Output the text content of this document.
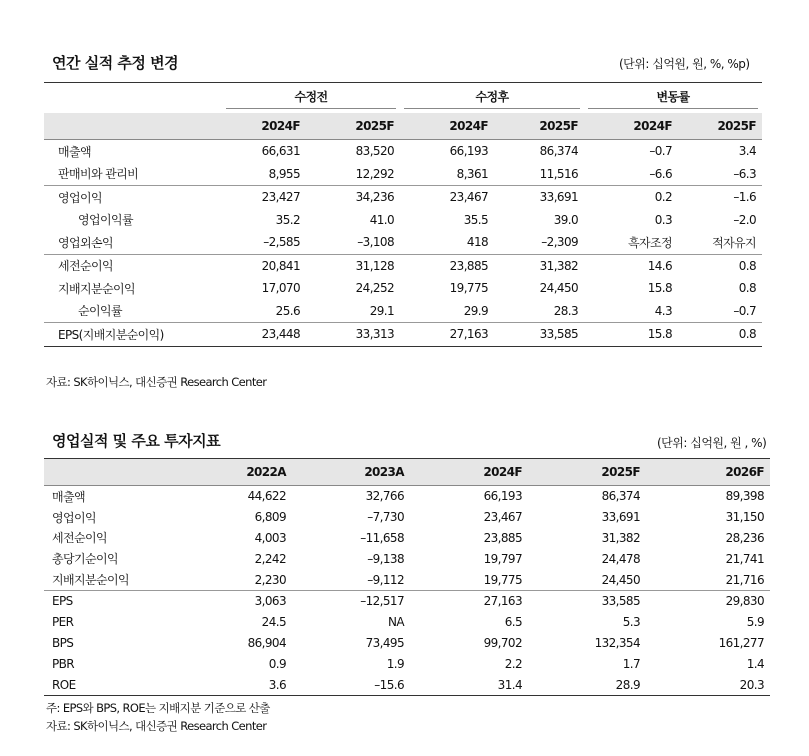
연간 실적 추정 변경	(단위: 십억원, 원, %, %p)

	수정전		수정후		변동률	

	2024F	2025F	2024F	2025F	2024F	2025F
매출액	66,631	83,520	66,193	86,374	–0.7	3.4
판매비와 관리비	8,955	12,292	8,361	11,516	–6.6	–6.3
영업이익	23,427	34,236	23,467	33,691	0.2	–1.6
영업이익률	35.2	41.0	35.5	39.0	0.3	–2.0
영업외손익	–2,585	–3,108	418	–2,309	흑자조정	적자유지
세전순이익	20,841	31,128	23,885	31,382	14.6	0.8
지배지분순이익	17,070	24,252	19,775	24,450	15.8	0.8
순이익률	25.6	29.1	29.9	28.3	4.3	–0.7
EPS(지배지분순이익)	23,448	33,313	27,163	33,585	15.8	0.8
자료: SK하이닉스, 대신증권 Research Center
영업실적 및 주요 투자지표	(단위: 십억원, 원 , %)
	2022A	2023A	2024F	2025F	2026F
매출액	44,622	32,766	66,193	86,374	89,398
영업이익	6,809	–7,730	23,467	33,691	31,150
세전순이익	4,003	–11,658	23,885	31,382	28,236
총당기순이익	2,242	–9,138	19,797	24,478	21,741
지배지분순이익	2,230	–9,112	19,775	24,450	21,716
EPS	3,063	–12,517	27,163	33,585	29,830
PER	24.5	NA	6.5	5.3	5.9
BPS	86,904	73,495	99,702	132,354	161,277
PBR	0.9	1.9	2.2	1.7	1.4
ROE	3.6	–15.6	31.4	28.9	20.3
주: EPS와 BPS, ROE는 지배지분 기준으로 산출
자료: SK하이닉스, 대신증권 Research Center
